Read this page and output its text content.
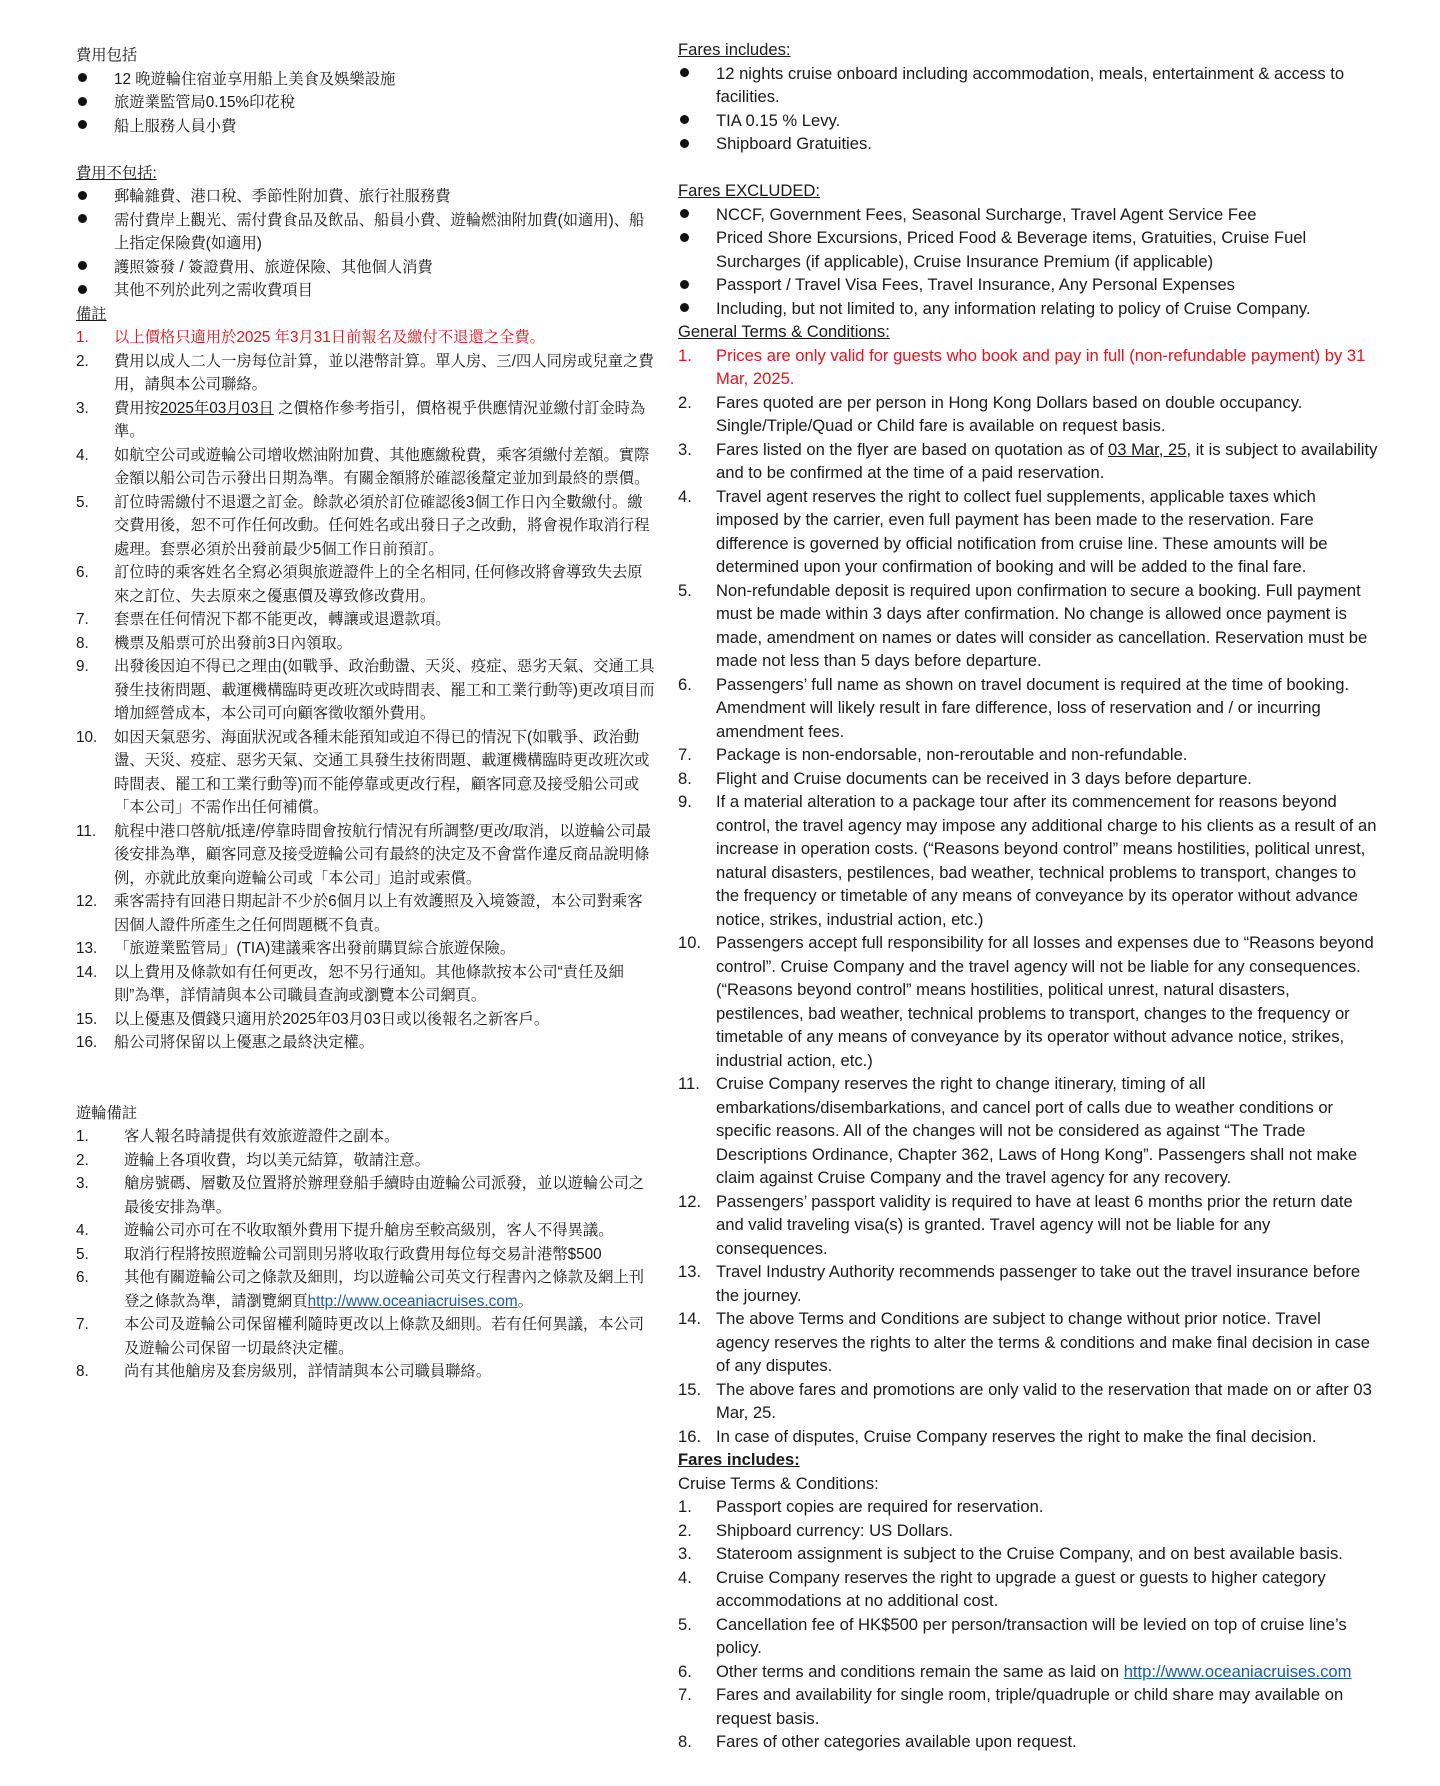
費用包括

12 晚遊輪住宿並享用船上美食及娛樂設施
旅遊業監管局0.15%印花稅
船上服務人員小費

費用不包括:

郵輪雜費、港口稅、季節性附加費、旅行社服務費
需付費岸上觀光、需付費食品及飲品、船員小費、遊輪燃油附加費(如適用)、船上指定保險費(如適用)
護照簽發 / 簽證費用、旅遊保險、其他個人消費
其他不列於此列之需收費項目

備註

1.	以上價格只適用於2025 年3月31日前報名及繳付不退還之全費。
2.	費用以成人二人一房每位計算，並以港幣計算。單人房、三/四人同房或兒童之費用，請與本公司聯絡。
3.	費用按2025年03月03日 之價格作參考指引，價格視乎供應情況並繳付訂金時為準。
4.	如航空公司或遊輪公司增收燃油附加費、其他應繳稅費，乘客須繳付差額。實際金額以船公司告示發出日期為準。有關金額將於確認後釐定並加到最終的票價。
5.	訂位時需繳付不退還之訂金。餘款必須於訂位確認後3個工作日內全數繳付。繳交費用後，恕不可作任何改動。任何姓名或出發日子之改動，將會視作取消行程處理。套票必須於出發前最少5個工作日前預訂。
6.	訂位時的乘客姓名全寫必須與旅遊證件上的全名相同, 任何修改將會導致失去原來之訂位、失去原來之優惠價及導致修改費用。
7.	套票在任何情況下都不能更改，轉讓或退還款項。
8.	機票及船票可於出發前3日內領取。
9.	出發後因迫不得已之理由(如戰爭、政治動盪、天災、疫症、惡劣天氣、交通工具發生技術問題、載運機構臨時更改班次或時間表、罷工和工業行動等)更改項目而增加經營成本，本公司可向顧客徵收額外費用。
10.	如因天氣惡劣、海面狀況或各種未能預知或迫不得已的情況下(如戰爭、政治動盪、天災、疫症、惡劣天氣、交通工具發生技術問題、載運機構臨時更改班次或時間表、罷工和工業行動等)而不能停靠或更改行程，顧客同意及接受船公司或「本公司」不需作出任何補償。
11.	航程中港口啓航/抵達/停靠時間會按航行情況有所調整/更改/取消，以遊輪公司最後安排為準，顧客同意及接受遊輪公司有最終的決定及不會當作違反商品說明條例，亦就此放棄向遊輪公司或「本公司」追討或索償。
12.	乘客需持有回港日期起計不少於6個月以上有效護照及入境簽證，本公司對乘客因個人證件所產生之任何問題概不負責。
13.	「旅遊業監管局」(TIA)建議乘客出發前購買綜合旅遊保險。
14.	以上費用及條款如有任何更改，恕不另行通知。其他條款按本公司“責任及細則”為準，詳情請與本公司職員查詢或瀏覽本公司網頁。
15.	以上優惠及價錢只適用於2025年03月03日或以後報名之新客戶。
16.	船公司將保留以上優惠之最終決定權。

遊輪備註

1.	客人報名時請提供有效旅遊證件之副本。
2.	遊輪上各項收費，均以美元結算，敬請注意。
3.	艙房號碼、層數及位置將於辦理登船手續時由遊輪公司派發，並以遊輪公司之最後安排為準。
4.	遊輪公司亦可在不收取額外費用下提升艙房至較高級別，客人不得異議。
5.	取消行程將按照遊輪公司罰則另將收取行政費用每位每交易計港幣$500
6.	其他有關遊輪公司之條款及細則，均以遊輪公司英文行程書內之條款及網上刊登之條款為準，請瀏覽網頁http://www.oceaniacruises.com。
7.	本公司及遊輪公司保留權利隨時更改以上條款及細則。若有任何異議，本公司及遊輪公司保留一切最終決定權。
8.	尚有其他艙房及套房級別，詳情請與本公司職員聯絡。

Fares includes:

12 nights cruise onboard including accommodation, meals, entertainment & access to facilities.
TIA 0.15 % Levy.
Shipboard Gratuities.

Fares EXCLUDED:

NCCF, Government Fees, Seasonal Surcharge, Travel Agent Service Fee
Priced Shore Excursions, Priced Food & Beverage items, Gratuities, Cruise Fuel Surcharges (if applicable), Cruise Insurance Premium (if applicable)
Passport / Travel Visa Fees, Travel Insurance, Any Personal Expenses
Including, but not limited to, any information relating to policy of Cruise Company.

General Terms & Conditions:

1.	Prices are only valid for guests who book and pay in full (non-refundable payment) by 31 Mar, 2025.
2.	Fares quoted are per person in Hong Kong Dollars based on double occupancy. Single/Triple/Quad or Child fare is available on request basis.
3.	Fares listed on the flyer are based on quotation as of 03 Mar, 25, it is subject to availability and to be confirmed at the time of a paid reservation.
4.	Travel agent reserves the right to collect fuel supplements, applicable taxes which imposed by the carrier, even full payment has been made to the reservation. Fare difference is governed by official notification from cruise line. These amounts will be determined upon your confirmation of booking and will be added to the final fare.
5.	Non-refundable deposit is required upon confirmation to secure a booking. Full payment must be made within 3 days after confirmation. No change is allowed once payment is made, amendment on names or dates will consider as cancellation. Reservation must be made not less than 5 days before departure.
6.	Passengers’ full name as shown on travel document is required at the time of booking. Amendment will likely result in fare difference, loss of reservation and / or incurring amendment fees.
7.	Package is non-endorsable, non-reroutable and non-refundable.
8.	Flight and Cruise documents can be received in 3 days before departure.
9.	If a material alteration to a package tour after its commencement for reasons beyond control, the travel agency may impose any additional charge to his clients as a result of an increase in operation costs. (“Reasons beyond control” means hostilities, political unrest, natural disasters, pestilences, bad weather, technical problems to transport, changes to the frequency or timetable of any means of conveyance by its operator without advance notice, strikes, industrial action, etc.)
10. Passengers accept full responsibility for all losses and expenses due to “Reasons beyond control”. Cruise Company and the travel agency will not be liable for any consequences. (“Reasons beyond control” means hostilities, political unrest, natural disasters, pestilences, bad weather, technical problems to transport, changes to the frequency or timetable of any means of conveyance by its operator without advance notice, strikes, industrial action, etc.)
11. Cruise Company reserves the right to change itinerary, timing of all embarkations/disembarkations, and cancel port of calls due to weather conditions or specific reasons. All of the changes will not be considered as against “The Trade Descriptions Ordinance, Chapter 362, Laws of Hong Kong”. Passengers shall not make claim against Cruise Company and the travel agency for any recovery.
12. Passengers’ passport validity is required to have at least 6 months prior the return date and valid traveling visa(s) is granted. Travel agency will not be liable for any consequences.
13. Travel Industry Authority recommends passenger to take out the travel insurance before the journey.
14. The above Terms and Conditions are subject to change without prior notice. Travel agency reserves the rights to alter the terms & conditions and make final decision in case of any disputes.
15. The above fares and promotions are only valid to the reservation that made on or after 03 Mar, 25.
16. In case of disputes, Cruise Company reserves the right to make the final decision.

Fares includes:

Cruise Terms & Conditions:

1.	Passport copies are required for reservation.
2.	Shipboard currency: US Dollars.
3.	Stateroom assignment is subject to the Cruise Company, and on best available basis.
4.	Cruise Company reserves the right to upgrade a guest or guests to higher category accommodations at no additional cost.
5.	Cancellation fee of HK$500 per person/transaction will be levied on top of cruise line’s policy.
6.	Other terms and conditions remain the same as laid on http://www.oceaniacruises.com
7.	Fares and availability for single room, triple/quadruple or child share may available on request basis.
8.	Fares of other categories available upon request.
